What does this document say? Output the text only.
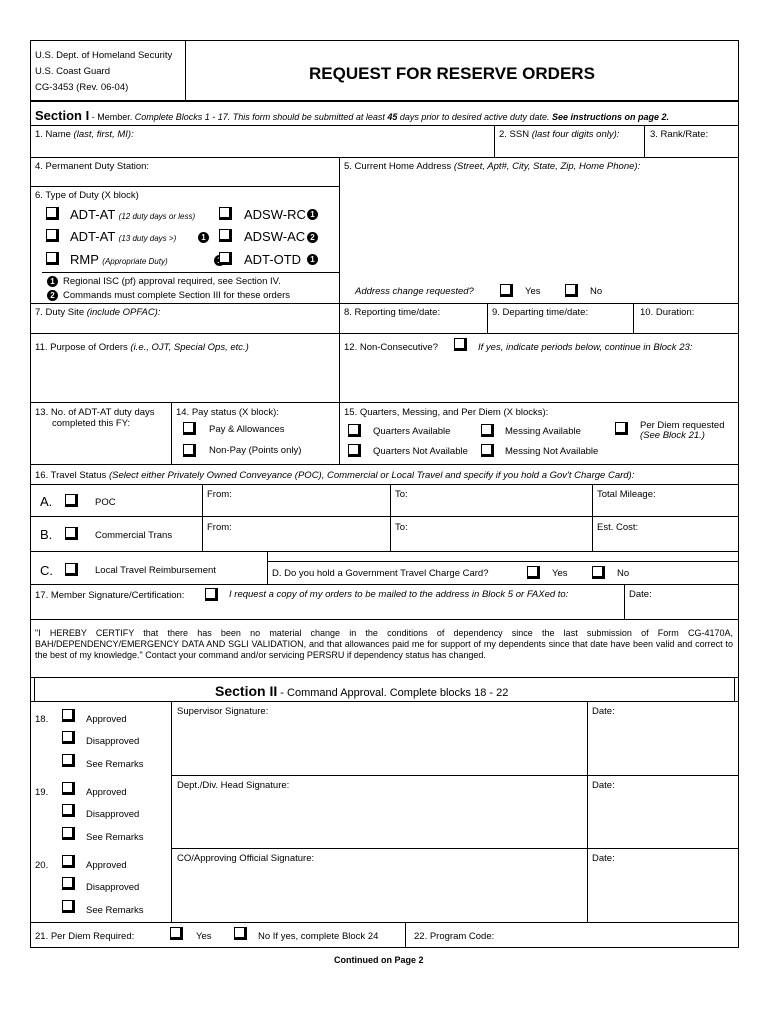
U.S. Dept. of Homeland Security
U.S. Coast Guard
CG-3453 (Rev. 06-04)
REQUEST FOR RESERVE ORDERS
Section I - Member. Complete Blocks 1 - 17. This form should be submitted at least 45 days prior to desired active duty date. See instructions on page 2.
1. Name (last, first, MI):	2. SSN (last four digits only):	3. Rank/Rate:
4. Permanent Duty Station:	5. Current Home Address (Street, Apt#, City, State, Zip, Home Phone):
6. Type of Duty (X block)
ADT-AT (12 duty days or less)	ADSW-RC 1
ADT-AT (13 duty days >)	1	ADSW-AC 2
RMP (Appropriate Duty)	ADT-OTD	1
1 Regional ISC (pf) approval required, see Section IV.
2 Commands must complete Section III for these orders	Address change requested?	Yes	No
7. Duty Site (include OPFAC):	8. Reporting time/date:	9. Departing time/date:	10. Duration:
11. Purpose of Orders (i.e., OJT, Special Ops, etc.)	12. Non-Consecutive?	If yes, indicate periods below, continue in Block 23:
13. No. of ADT-AT duty days
completed this FY:
14. Pay status (X block):
Pay & Allowances
Non-Pay (Points only)
15. Quarters, Messing, and Per Diem (X blocks):
Quarters Available	Messing Available
Per Diem requested
(See Block 21.)
Quarters Not Available	Messing Not Available
16. Travel Status (Select either Privately Owned Conveyance (POC), Commercial or Local Travel and specify if you hold a Gov't Charge Card):
A.	POC
From:	To:	Total Mileage:
B.	Commercial Trans
From:	To:	Est. Cost:
C.	Local Travel Reimbursement	D. Do you hold a Government Travel Charge Card?	Yes	No
17. Member Signature/Certification:	I request a copy of my orders to be mailed to the address in Block 5 or FAXed to:	Date:
"I HEREBY CERTIFY that there has been no material change in the conditions of dependency since the last submission of Form CG-4170A, BAH/DEPENDENCY/EMERGENCY DATA AND SGLI VALIDATION, and that allowances paid me for support of my dependents since that date have been valid and correct to the best of my knowledge." Contact your command and/or servicing PERSRU if dependency status has changed.
Section II - Command Approval. Complete blocks 18 - 22
18.	Approved
Disapproved
See Remarks
Supervisor Signature:	Date:
19.	Approved
Disapproved
See Remarks
Dept./Div. Head Signature:	Date:
20.	Approved
Disapproved
See Remarks
CO/Approving Official Signature:	Date:
21. Per Diem Required:	Yes	No If yes, complete Block 24	22. Program Code:
Continued on Page 2
